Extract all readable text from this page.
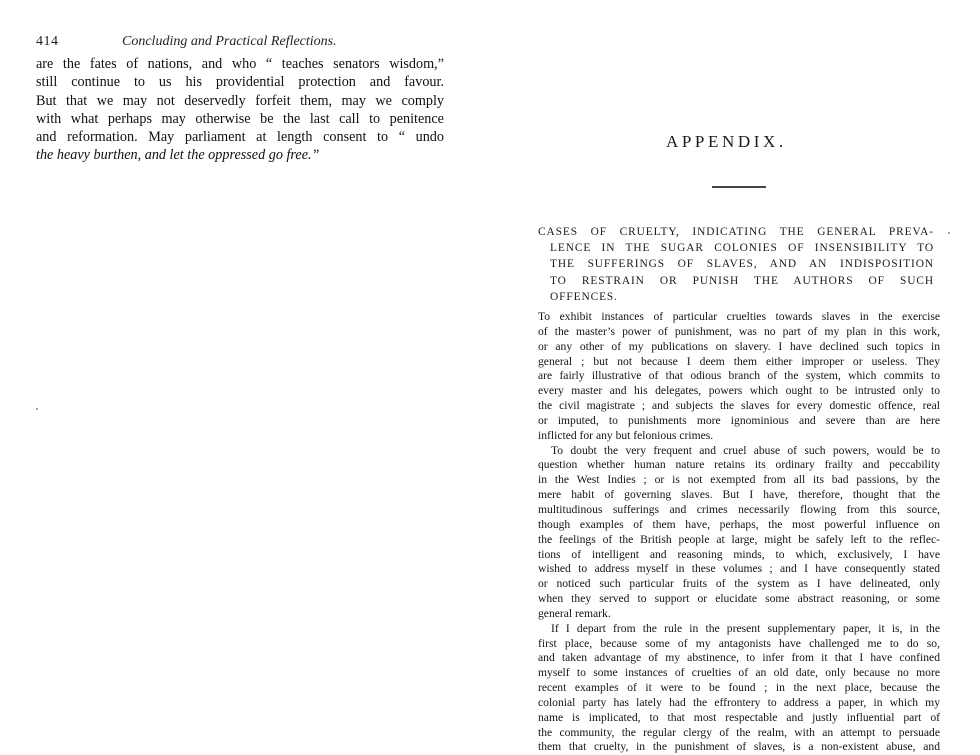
414	Concluding and Practical Reflections.
are the fates of nations, and who “ teaches senators wisdom,”
still continue to us his providential protection and favour.
But that we may not deservedly forfeit them, may we comply
with what perhaps may otherwise be the last call to penitence
and reformation. May parliament at length consent to “ undo
the heavy burthen, and let the oppressed go free.”
APPENDIX.
CASES OF CRUELTY, INDICATING THE GENERAL PREVA-
LENCE IN THE SUGAR COLONIES OF INSENSIBILITY TO
THE SUFFERINGS OF SLAVES, AND AN INDISPOSITION
TO RESTRAIN OR PUNISH THE AUTHORS OF SUCH
OFFENCES.
To exhibit instances of particular cruelties towards slaves in the exercise
of the master’s power of punishment, was no part of my plan in this work,
or any other of my publications on slavery. I have declined such topics in
general ; but not because I deem them either improper or useless. They
are fairly illustrative of that odious branch of the system, which commits to
every master and his delegates, powers which ought to be intrusted only to
the civil magistrate ; and subjects the slaves for every domestic offence, real
or imputed, to punishments more ignominious and severe than are here
inflicted for any but felonious crimes.
To doubt the very frequent and cruel abuse of such powers, would be to
question whether human nature retains its ordinary frailty and peccability
in the West Indies ; or is not exempted from all its bad passions, by the
mere habit of governing slaves. But I have, therefore, thought that the
multitudinous sufferings and crimes necessarily flowing from this source,
though examples of them have, perhaps, the most powerful influence on
the feelings of the British people at large, might be safely left to the reflec-
tions of intelligent and reasoning minds, to which, exclusively, I have
wished to address myself in these volumes ; and I have consequently stated
or noticed such particular fruits of the system as I have delineated, only
when they served to support or elucidate some abstract reasoning, or some
general remark.
If I depart from the rule in the present supplementary paper, it is, in the
first place, because some of my antagonists have challenged me to do so,
and taken advantage of my abstinence, to infer from it that I have confined
myself to some instances of cruelties of an old date, only because no more
recent examples of it were to be found ; in the next place, because the
colonial party has lately had the effrontery to address a paper, in which my
name is implicated, to that most respectable and justly influential part of
the community, the regular clergy of the realm, with an attempt to persuade
them that cruelty, in the punishment of slaves, is a non-existent abuse, and
